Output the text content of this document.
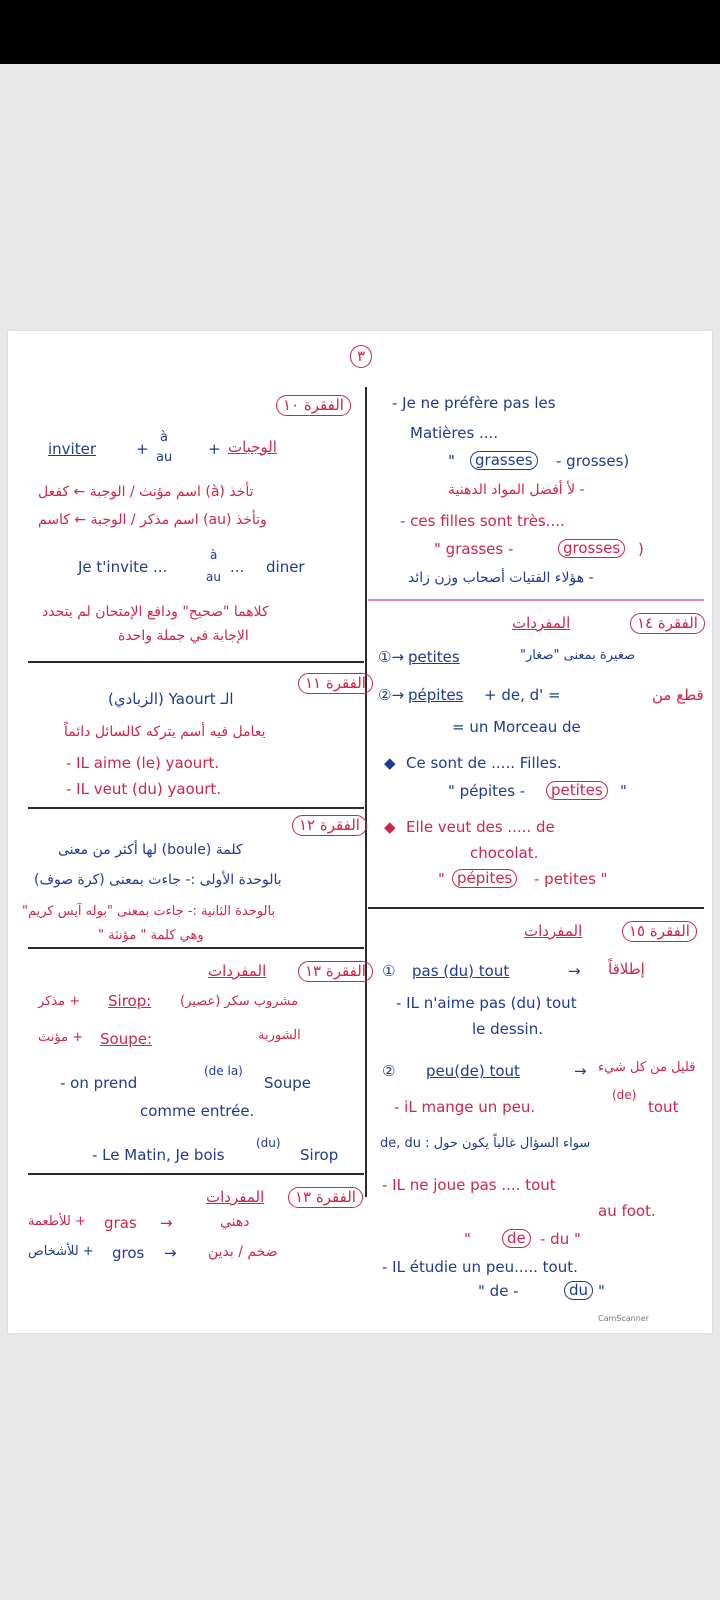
٣
الفقرة ١٠
inviter	+
à
au + الوجبات
تأخذ (à) اسم مؤنث / الوجبة ← كفعل
وتأخذ (au) اسم مذكر / الوجبة ← كاسم
Je t'invite ...
à
au
... diner
كلاهما "صحيح" ودافع الإمتحان لم يتحدد
الإجابة في جملة واحدة
الفقرة ١١
الـ Yaourt (الزبادي)
يعامل فيه أسم يتركه كالسائل دائماً
- IL aime (le) yaourt.
- IL veut (du) yaourt.
الفقرة ١٢
كلمة (boule) لها أكثر من معنى
بالوحدة الأولى :- جاءت بمعنى (كرة صوف)
بالوحدة الثانية :- جاءت بمعنى "بوله آيس كريم"
وهي كلمة " مؤنثة "
الفقرة ١٣
المفردات
Sirop: مشروب سكر (عصير)
+ مذكر
Soupe:	الشوربة
+ مؤنث
- on prend
(de la)
Soupe
comme entrée.
- Le Matin, Je bois
(du)
Sirop
الفقرة ١٣
المفردات
+ للأطعمة gras →	دهني
+ للأشخاص gros → ضخم / بدين
- Je ne préfère pas les
Matières ....
"	grasses	- grosses)
- لأ أفضل المواد الدهنية
- ces filles sont très....
" grasses -	grosses	)
- هؤلاء الفتيات أصحاب وزن زائد
الفقرة ١٤
المفردات
①→ petites	صغيرة بمعنى "صغار"
②→ pépites + de, d' =	قطع من
= un Morceau de
◆ Ce sont de ..... Filles.
" pépites -	petites	"
◆ Elle veut des ..... de
chocolat.
" pépites	- petites "
الفقرة ١٥
المفردات
① pas (du) tout	→ إطلاقاً
- IL n'aime pas (du) tout
le dessin.
② peu(de) tout	→ قليل من كل شيء
- iL mange un peu.
(de)
tout
سواء السؤال غالباً يكون حول : de, du
- IL ne joue pas .... tout
au foot.
"	de - du "
- IL étudie un peu..... tout.
" de -	du "
CamScanner
